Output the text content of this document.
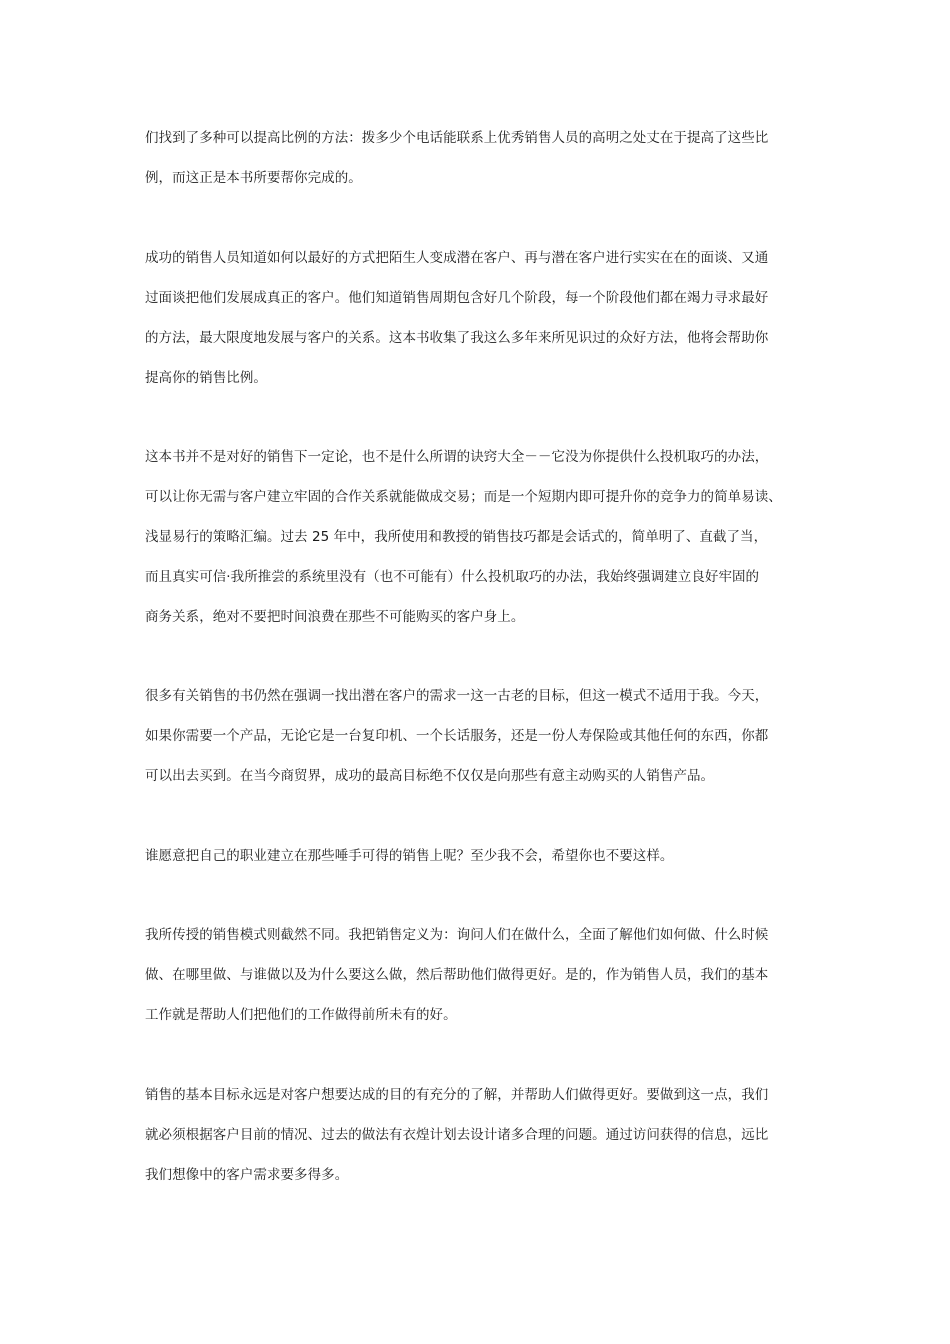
们找到了多种可以提高比例的方法：拨多少个电话能联系上优秀销售人员的高明之处丈在于提高了这些比
例，而这正是本书所要帮你完成的。
成功的销售人员知道如何以最好的方式把陌生人变成潜在客户、再与潜在客户进行实实在在的面谈、又通
过面谈把他们发展成真正的客户。他们知道销售周期包含好几个阶段，每一个阶段他们都在竭力寻求最好
的方法，最大限度地发展与客户的关系。这本书收集了我这么多年来所见识过的众好方法，他将会帮助你
提高你的销售比例。
这本书并不是对好的销售下一定论，也不是什么所谓的诀窍大全－－它没为你提供什么投机取巧的办法，
可以让你无需与客户建立牢固的合作关系就能做成交易；而是一个短期内即可提升你的竞争力的简单易读、
浅显易行的策略汇编。过去 25 年中，我所使用和教授的销售技巧都是会话式的，简单明了、直截了当，
而且真实可信·我所推尝的系统里没有（也不可能有）什么投机取巧的办法，我始终强调建立良好牢固的
商务关系，绝对不要把时间浪费在那些不可能购买的客户身上。
很多有关销售的书仍然在强调一找出潜在客户的需求一这一古老的目标，但这一模式不适用于我。今天，
如果你需要一个产品，无论它是一台复印机、一个长话服务，还是一份人寿保险或其他任何的东西，你都
可以出去买到。在当今商贸界，成功的最高目标绝不仅仅是向那些有意主动购买的人销售产品。
谁愿意把自己的职业建立在那些唾手可得的销售上呢？至少我不会，希望你也不要这样。
我所传授的销售模式则截然不同。我把销售定义为：询问人们在做什么，全面了解他们如何做、什么时候
做、在哪里做、与谁做以及为什么要这么做，然后帮助他们做得更好。是的，作为销售人员，我们的基本
工作就是帮助人们把他们的工作做得前所未有的好。
销售的基本目标永远是对客户想要达成的目的有充分的了解，并帮助人们做得更好。要做到这一点，我们
就必须根据客户目前的情况、过去的做法有衣煌计划去设计诸多合理的问题。通过访问获得的信息，远比
我们想像中的客户需求要多得多。
